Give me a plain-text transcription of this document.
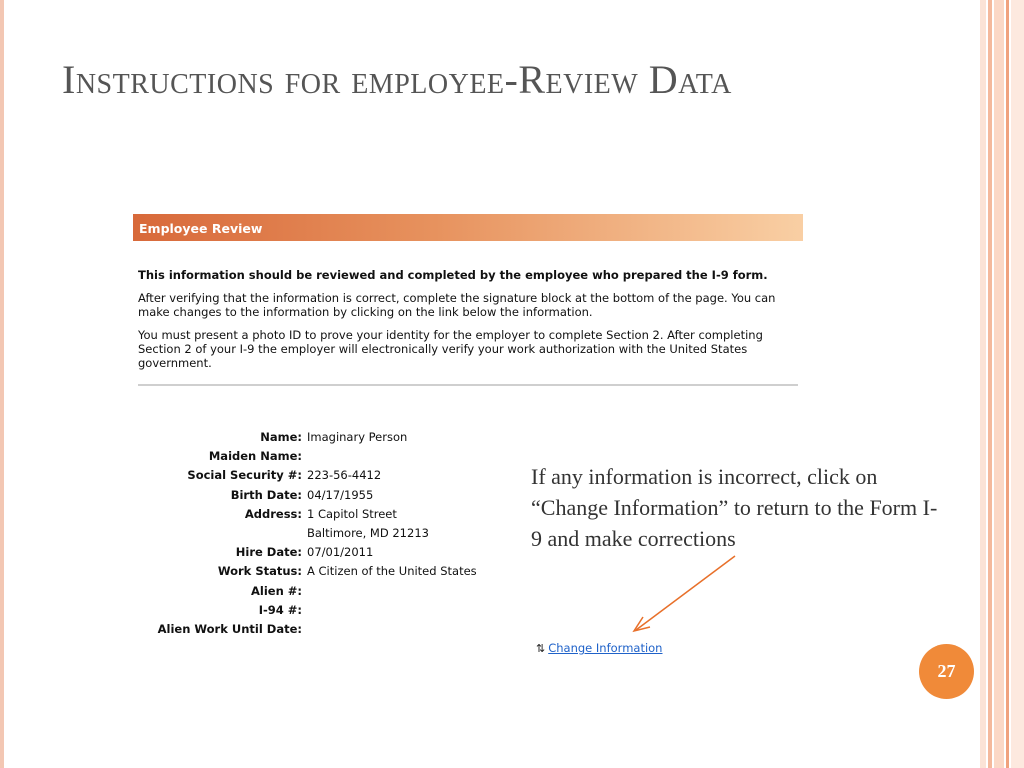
Instructions for employee-Review Data
Employee Review

This information should be reviewed and completed by the employee who prepared the I-9 form.

After verifying that the information is correct, complete the signature block at the bottom of the page. You can make changes to the information by clicking on the link below the information.

You must present a photo ID to prove your identity for the employer to complete Section 2. After completing Section 2 of your I-9 the employer will electronically verify your work authorization with the United States government.

Name: Imaginary Person
Maiden Name:
Social Security #: 223-56-4412
Birth Date: 04/17/1955
Address: 1 Capitol Street
Baltimore, MD 21213
Hire Date: 07/01/2011
Work Status: A Citizen of the United States
Alien #:
I-94 #:
Alien Work Until Date:

If any information is incorrect, click on “Change Information” to return to the Form I-9 and make corrections

⇅ Change Information
27
